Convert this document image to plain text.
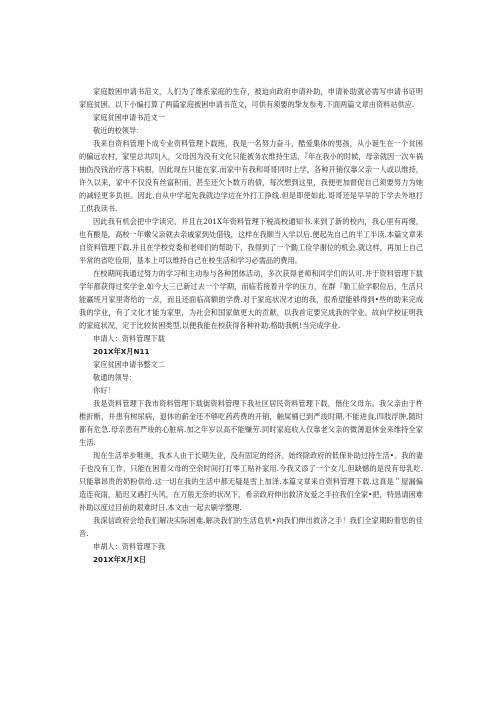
家庭数困申请书范文，人们为了维系家庭的生存，被迫向政府申请补助，申请补助就必需写申请书证明家庭贫困。以下小编打算了两篇家庭被困申请书范文，可供有须要的挚友参考.下面两篇文章由资料站供应.

家庭贫困申请书范文一

敬近的校领导：

我来自资料管理卜成专业资料管理卜载班，我是一名努力奋斗，酷爱集体的男孩，从小诞生在一个贫困的偏远农村，家里总共四|入，父母因为没有文化只能被务农维持生活，『年在我小的时候，母亲就因一次车祸抽伤没钱治疗落下病根，因此现在只能在家.而家中有我和哥哥同时上学，各种开销仅靠父亲一人或以维持，许久以来，家中不仅没有丝富积而，甚至还欠卜数万的债，每次想到这里，我便更加督促自己须要努力为她的减轻更多负担。因此.自从中学起先我就边学边在外打工挣线.但是即使如此.哥哥还是早早的下学去外地打工供我读书.

因此我有机会把中学读完，并且在201X年资料管理下税高校通知书.来到了新的校内，我心里有再慢，也有酸是，高校一年嫩父亲就去亲戚家到处借钱，这样在我顺当入学以后.便起先自己的半工半读.本篇文章来自资料管理下载.并且在学校党委和老师们的帮助下，我得到了一个勤工俭学谢位的机会.就这样，再加上自己平常的省吃俭用，基本上可以维持自己在校生活和学习必需品的费用。

在校期间我通过努力的学习和主动参与各种团体活动，多次获得老师和同学们的认可.并于资料管理下载学年都获得过奖学金.如今大三已新过去一个学期，而临若接着升学的压力，在群『勒工俭学职位后，生活只能赢班月家里寄给的一点，而且还面临高额的学费.对于家庭状况才迫的我，很希望能够得到•些的助来完成我的学业，有了文化才能为家里，为社会和国家做更大的贡献，以我首定要完成我的学业。故向学校证明我的家庭状况，定于比较贫困类型,以便我能在校获得各种补助.格助我帆!当完成学业.

申请人：资料管理下载

201X年X月N11

家应贫困申请书整文二

敬通的领导：

你好！

我是资料管理下我市资料管理下载街资料管理下我社区居民资料管理下载，偕住父母东。我父亲由于杵椎折断，并患有树尿病，退休的薪金还不够吃药药费的开销，触屎桶已到严竣时期,不能进食,四肢浮肿,随时都有危急.母亲患有严竣的心脏病.加之年岁以高不能赚劳.同时家庭收入仅靠老父亲的微薄退休金来维持全家生活.

现在生活举步唯奥，我本人由于长期失业，没有固定的经济。始终除政府的低保补助过持生活•。我的妻子也没有工作，只能在困着父母的空余时间打打零工贴补家用.今我又添了一个女儿.但缺憾的是没有母乳吃.只能靠昂贵的奶粉供给.这一切在我的生活中都无疑是雪上加泽.本篇文章来自资料管理下载.这真是＂屋漏偏造连夜雨，船迟又遇打头风，在万般无奈的状况下，希亲政府伸出救济友爱之手拉我们全家•把，特恳请困难补助以度过目前的艰难时日.本文由一起去刷学整理.

我深信政府会给我们解决实际困难.解决我们的生活危机•向我们伸出救济之手！我们全家期盼着您的佳音.

申胡人：资料管理下我

201X年X月X日
